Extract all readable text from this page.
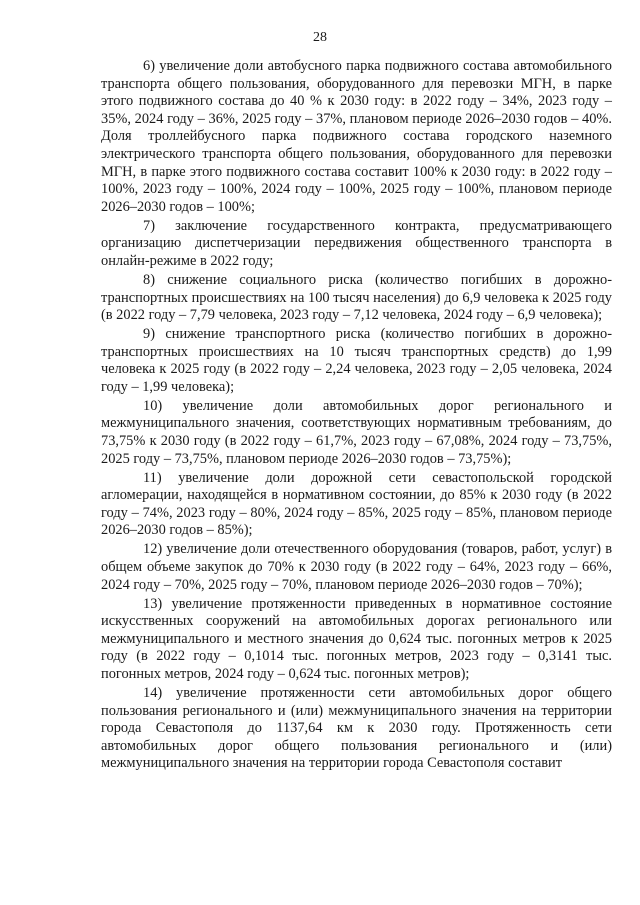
28

6) увеличение доли автобусного парка подвижного состава автомобильного транспорта общего пользования, оборудованного для перевозки МГН, в парке этого подвижного состава до 40 % к 2030 году: в 2022 году – 34%, 2023 году – 35%, 2024 году – 36%, 2025 году – 37%, плановом периоде 2026–2030 годов – 40%. Доля троллейбусного парка подвижного состава городского наземного электрического транспорта общего пользования, оборудованного для перевозки МГН, в парке этого подвижного состава составит 100% к 2030 году: в 2022 году – 100%, 2023 году – 100%, 2024 году – 100%, 2025 году – 100%, плановом периоде 2026–2030 годов – 100%;

7) заключение государственного контракта, предусматривающего организацию диспетчеризации передвижения общественного транспорта в онлайн-режиме в 2022 году;

8) снижение социального риска (количество погибших в дорожно-транспортных происшествиях на 100 тысяч населения) до 6,9 человека к 2025 году (в 2022 году – 7,79 человека, 2023 году – 7,12 человека, 2024 году – 6,9 человека);

9) снижение транспортного риска (количество погибших в дорожно-транспортных происшествиях на 10 тысяч транспортных средств) до 1,99 человека к 2025 году (в 2022 году – 2,24 человека, 2023 году – 2,05 человека, 2024 году – 1,99 человека);

10) увеличение доли автомобильных дорог регионального и межмуниципального значения, соответствующих нормативным требованиям, до 73,75% к 2030 году (в 2022 году – 61,7%, 2023 году – 67,08%, 2024 году – 73,75%, 2025 году – 73,75%, плановом периоде 2026–2030 годов – 73,75%);

11) увеличение доли дорожной сети севастопольской городской агломерации, находящейся в нормативном состоянии, до 85% к 2030 году (в 2022 году – 74%, 2023 году – 80%, 2024 году – 85%, 2025 году – 85%, плановом периоде 2026–2030 годов – 85%);

12) увеличение доли отечественного оборудования (товаров, работ, услуг) в общем объеме закупок до 70% к 2030 году (в 2022 году – 64%, 2023 году – 66%, 2024 году – 70%, 2025 году – 70%, плановом периоде 2026–2030 годов – 70%);

13) увеличение протяженности приведенных в нормативное состояние искусственных сооружений на автомобильных дорогах регионального или межмуниципального и местного значения до 0,624 тыс. погонных метров к 2025 году (в 2022 году – 0,1014 тыс. погонных метров, 2023 году – 0,3141 тыс. погонных метров, 2024 году – 0,624 тыс. погонных метров);

14) увеличение протяженности сети автомобильных дорог общего пользования регионального и (или) межмуниципального значения на территории города Севастополя до 1137,64 км к 2030 году. Протяженность сети автомобильных дорог общего пользования регионального и (или) межмуниципального значения на территории города Севастополя составит
